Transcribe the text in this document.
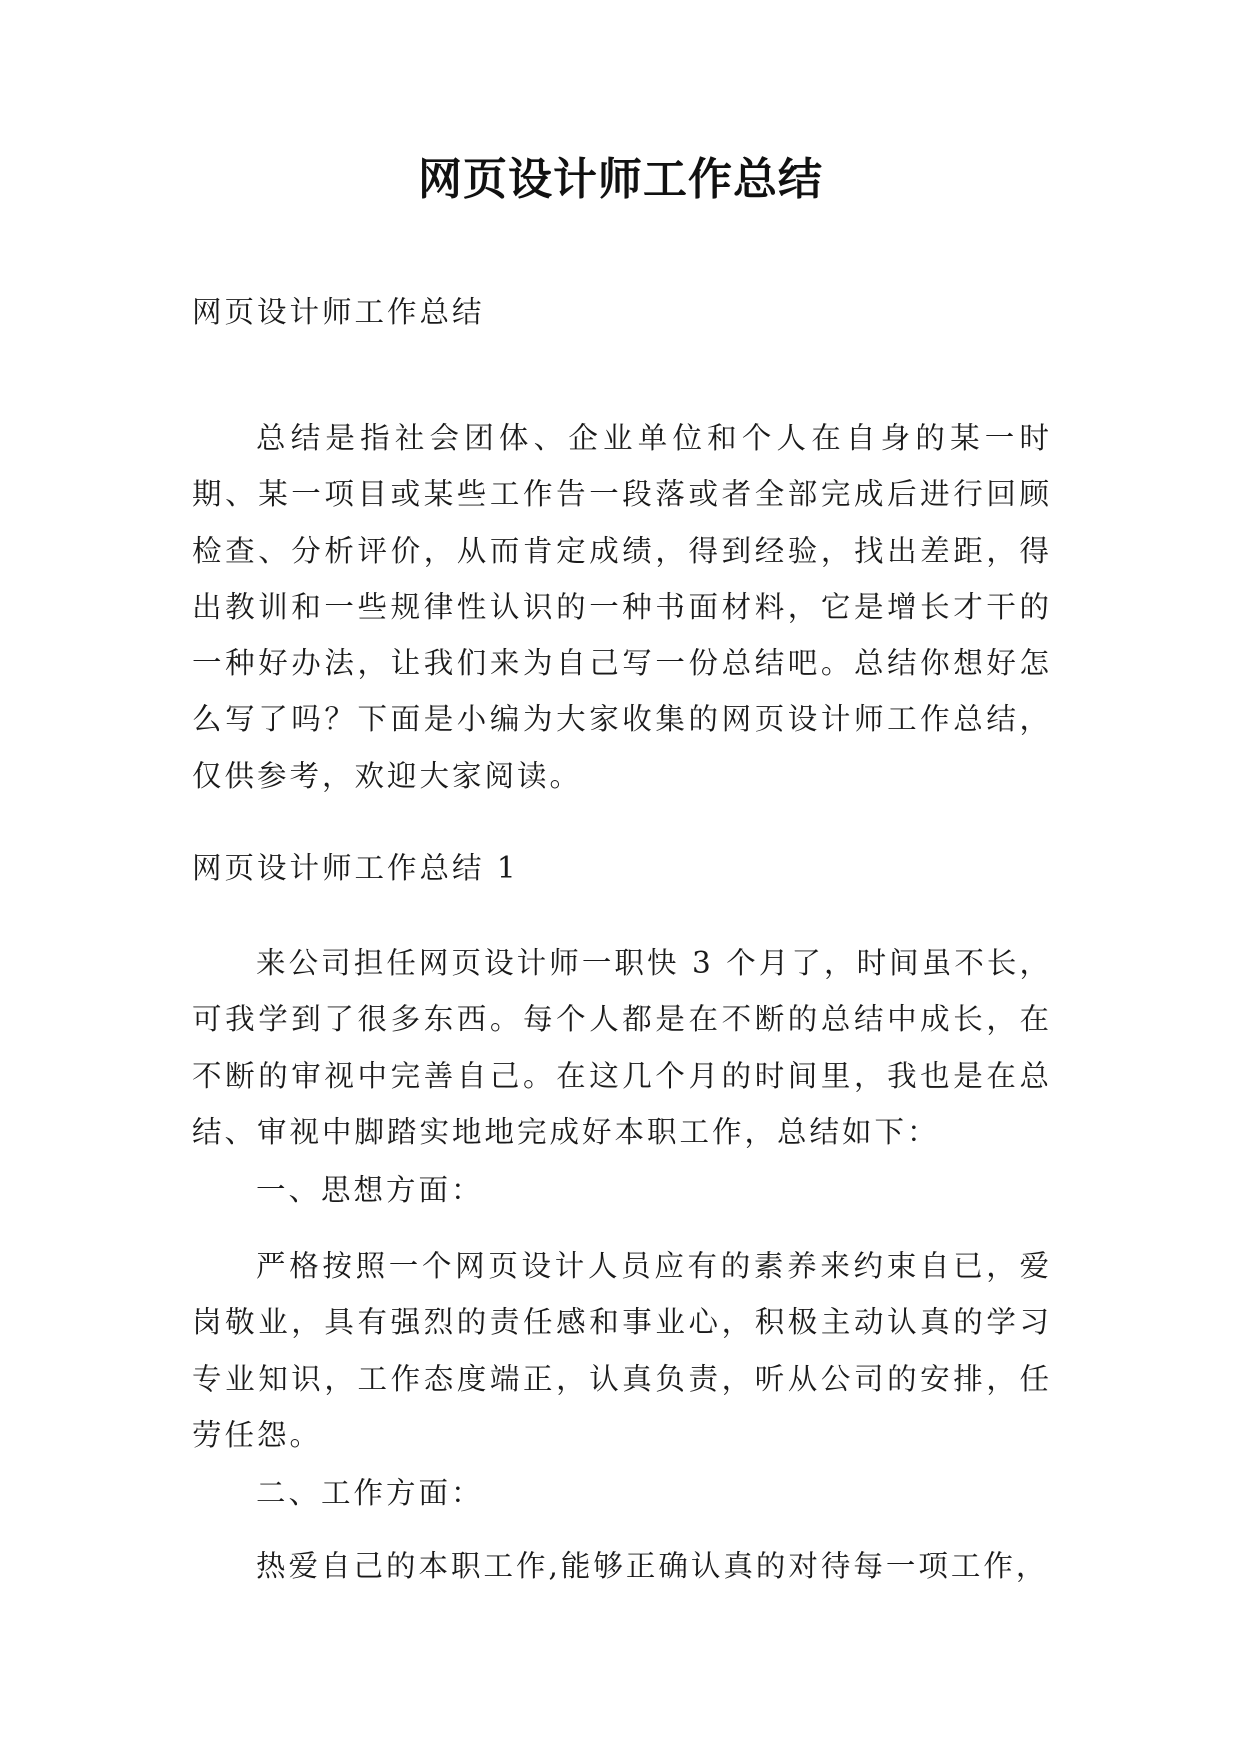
网页设计师工作总结

网页设计师工作总结

总结是指社会团体、企业单位和个人在自身的某一时期、某一项目或某些工作告一段落或者全部完成后进行回顾检查、分析评价，从而肯定成绩，得到经验，找出差距，得出教训和一些规律性认识的一种书面材料，它是增长才干的一种好办法，让我们来为自己写一份总结吧。总结你想好怎么写了吗？下面是小编为大家收集的网页设计师工作总结，仅供参考，欢迎大家阅读。

网页设计师工作总结 1

来公司担任网页设计师一职快 3 个月了，时间虽不长，可我学到了很多东西。每个人都是在不断的总结中成长，在不断的审视中完善自己。在这几个月的时间里，我也是在总结、审视中脚踏实地地完成好本职工作，总结如下：

一、思想方面：

严格按照一个网页设计人员应有的素养来约束自已，爱岗敬业，具有强烈的责任感和事业心，积极主动认真的学习专业知识，工作态度端正，认真负责，听从公司的安排，任劳任怨。

二、工作方面：

热爱自己的本职工作,能够正确认真的对待每一项工作，
